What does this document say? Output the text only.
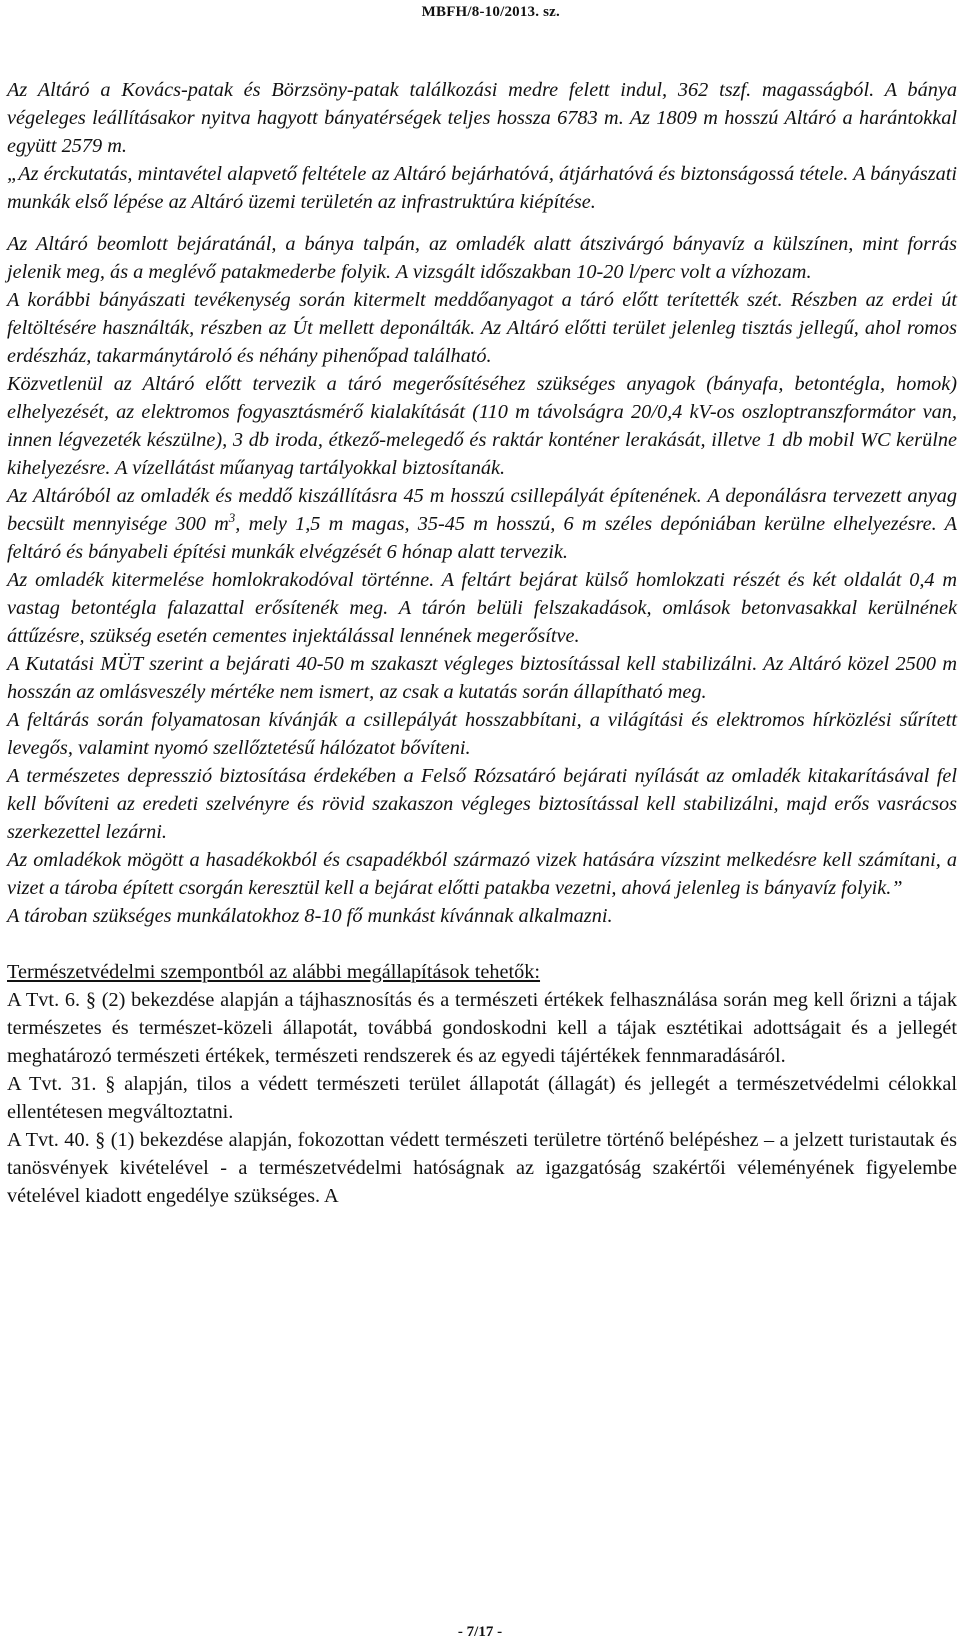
MBFH/8-10/2013. sz.

Az Altáró a Kovács-patak és Börzsöny-patak találkozási medre felett indul, 362 tszf. magasságból. A bánya végeleges leállításakor nyitva hagyott bányatérségek teljes hossza 6783 m. Az 1809 m hosszú Altáró a harántokkal együtt 2579 m.

„Az érckutatás, mintavétel alapvető feltétele az Altáró bejárhatóvá, átjárhatóvá és biztonságossá tétele. A bányászati munkák első lépése az Altáró üzemi területén az infrastruktúra kiépítése.

Az Altáró beomlott bejáratánál, a bánya talpán, az omladék alatt átszivárgó bányavíz a külszínen, mint forrás jelenik meg, ás a meglévő patakmederbe folyik. A vizsgált időszakban 10-20 l/perc volt a vízhozam.

A korábbi bányászati tevékenység során kitermelt meddőanyagot a táró előtt terítették szét. Részben az erdei út feltöltésére használták, részben az Út mellett deponálták. Az Altáró előtti terület jelenleg tisztás jellegű, ahol romos erdészház, takarmánytároló és néhány pihenőpad található.

Közvetlenül az Altáró előtt tervezik a táró megerősítéséhez szükséges anyagok (bányafa, betontégla, homok) elhelyezését, az elektromos fogyasztásmérő kialakítását (110 m távolságra 20/0,4 kV-os oszloptranszformátor van, innen légvezeték készülne), 3 db iroda, étkező-melegedő és raktár konténer lerakását, illetve 1 db mobil WC kerülne kihelyezésre. A vízellátást műanyag tartályokkal biztosítanák.

Az Altáróból az omladék és meddő kiszállításra 45 m hosszú csillepályát építenének. A deponálásra tervezett anyag becsült mennyisége 300 $m^3$, mely 1,5 m magas, 35-45 m hosszú, 6 m széles depóniában kerülne elhelyezésre. A feltáró és bányabeli építési munkák elvégzését 6 hónap alatt tervezik.

Az omladék kitermelése homlokrakodóval történne. A feltárt bejárat külső homlokzati részét és két oldalát 0,4 m vastag betontégla falazattal erősítenék meg. A tárón belüli felszakadások, omlások betonvasakkal kerülnének áttűzésre, szükség esetén cementes injektálással lennének megerősítve.

A Kutatási MÜT szerint a bejárati 40-50 m szakaszt végleges biztosítással kell stabilizálni. Az Altáró közel 2500 m hosszán az omlásveszély mértéke nem ismert, az csak a kutatás során állapítható meg.

A feltárás során folyamatosan kívánják a csillepályát hosszabbítani, a világítási és elektromos hírközlési sűrített levegős, valamint nyomó szellőztetésű hálózatot bővíteni.

A természetes depresszió biztosítása érdekében a Felső Rózsatáró bejárati nyílását az omladék kitakarításával fel kell bővíteni az eredeti szelvényre és rövid szakaszon végleges biztosítással kell stabilizálni, majd erős vasrácsos szerkezettel lezárni.

Az omladékok mögött a hasadékokból és csapadékból származó vizek hatására vízszint melkedésre kell számítani, a vizet a tároba épített csorgán keresztül kell a bejárat előtti patakba vezetni, ahová jelenleg is bányavíz folyik.”

A tároban szükséges munkálatokhoz 8-10 fő munkást kívánnak alkalmazni.

Természetvédelmi szempontból az alábbi megállapítások tehetők:

A Tvt. 6. § (2) bekezdése alapján a tájhasznosítás és a természeti értékek felhasználása során meg kell őrizni a tájak természetes és természet-közeli állapotát, továbbá gondoskodni kell a tájak esztétikai adottságait és a jellegét meghatározó természeti értékek, természeti rendszerek és az egyedi tájértékek fennmaradásáról.

A Tvt. 31. § alapján, tilos a védett természeti terület állapotát (állagát) és jellegét a természetvédelmi célokkal ellentétesen megváltoztatni.

A Tvt. 40. § (1) bekezdése alapján, fokozottan védett természeti területre történő belépéshez – a jelzett turistautak és tanösvények kivételével - a természetvédelmi hatóságnak az igazgatóság szakértői véleményének figyelembe vételével kiadott engedélye szükséges. A

- 7/17 -
